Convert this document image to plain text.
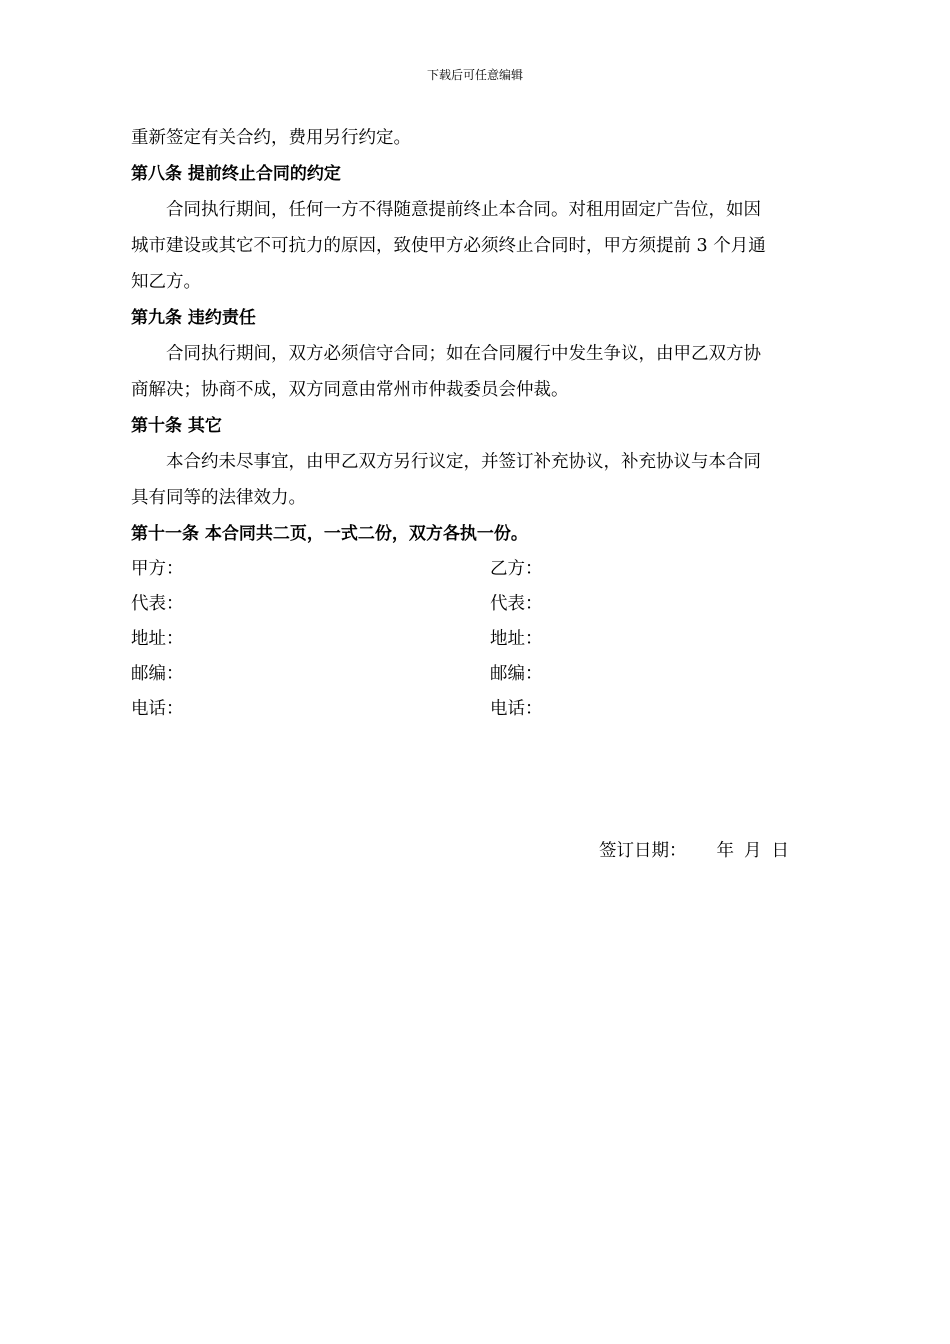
下载后可任意编辑
重新签定有关合约，费用另行约定。
第八条 提前终止合同的约定
合同执行期间，任何一方不得随意提前终止本合同。对租用固定广告位，如因
城市建设或其它不可抗力的原因，致使甲方必须终止合同时，甲方须提前 3 个月通
知乙方。
第九条 违约责任
合同执行期间，双方必须信守合同；如在合同履行中发生争议，由甲乙双方协
商解决；协商不成，双方同意由常州市仲裁委员会仲裁。
第十条 其它
本合约未尽事宜，由甲乙双方另行议定，并签订补充协议，补充协议与本合同
具有同等的法律效力。
第十一条 本合同共二页，一式二份，双方各执一份。
甲方：	乙方：
代表：	代表：
地址：	地址：
邮编：	邮编：
电话：	电话：
签订日期： 年 月 日
